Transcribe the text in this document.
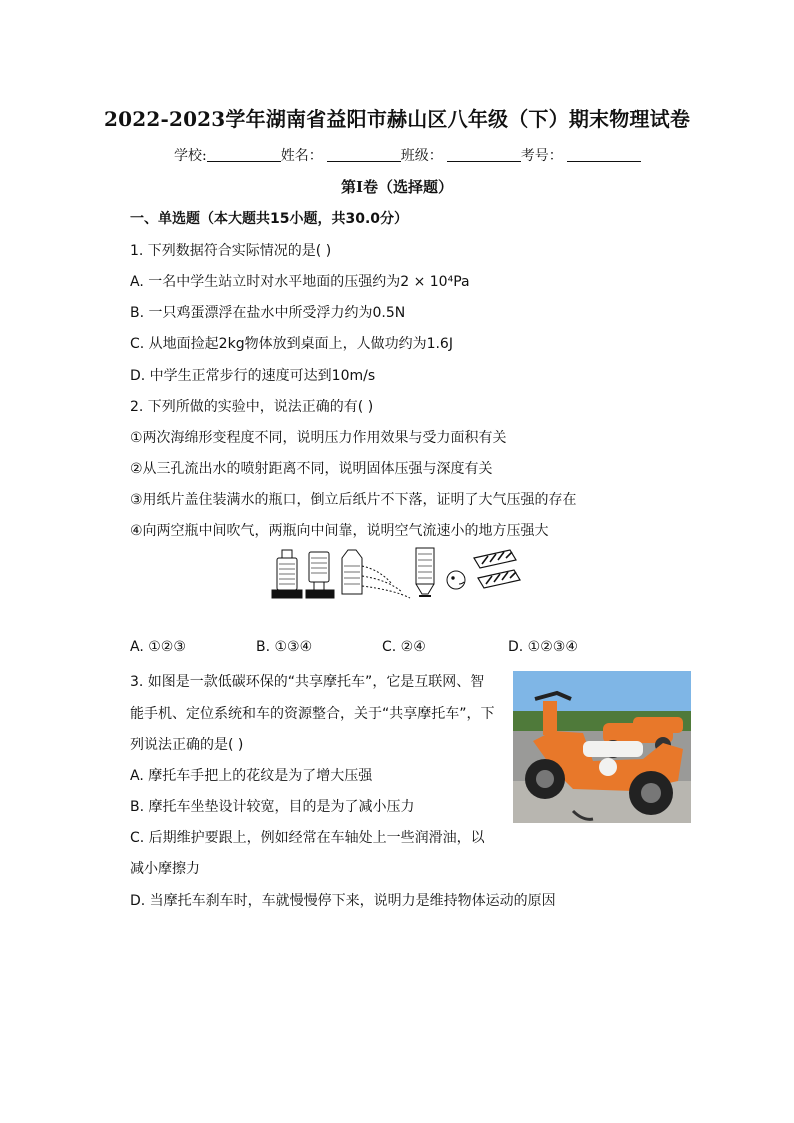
2022-2023学年湖南省益阳市赫山区八年级（下）期末物理试卷
学校:	姓名：	班级：	考号：
第I卷（选择题）
一、单选题（本大题共15小题，共30.0分）
1. 下列数据符合实际情况的是( )
A. 一名中学生站立时对水平地面的压强约为2 × 10⁴Pa
B. 一只鸡蛋漂浮在盐水中所受浮力约为0.5N
C. 从地面捡起2kg物体放到桌面上，人做功约为1.6J
D. 中学生正常步行的速度可达到10m/s
2. 下列所做的实验中，说法正确的有( )
①两次海绵形变程度不同，说明压力作用效果与受力面积有关
②从三孔流出水的喷射距离不同，说明固体压强与深度有关
③用纸片盖住装满水的瓶口，倒立后纸片不下落，证明了大气压强的存在
④向两空瓶中间吹气，两瓶向中间靠，说明空气流速小的地方压强大
A. ①②③	B. ①③④	C. ②④	D. ①②③④
3. 如图是一款低碳环保的“共享摩托车”，它是互联网、智
能手机、定位系统和车的资源整合，关于“共享摩托车”，下
列说法正确的是( )
A. 摩托车手把上的花纹是为了增大压强
B. 摩托车坐垫设计较宽，目的是为了减小压力
C. 后期维护要跟上，例如经常在车轴处上一些润滑油，以
减小摩擦力
D. 当摩托车刹车时，车就慢慢停下来，说明力是维持物体运动的原因
